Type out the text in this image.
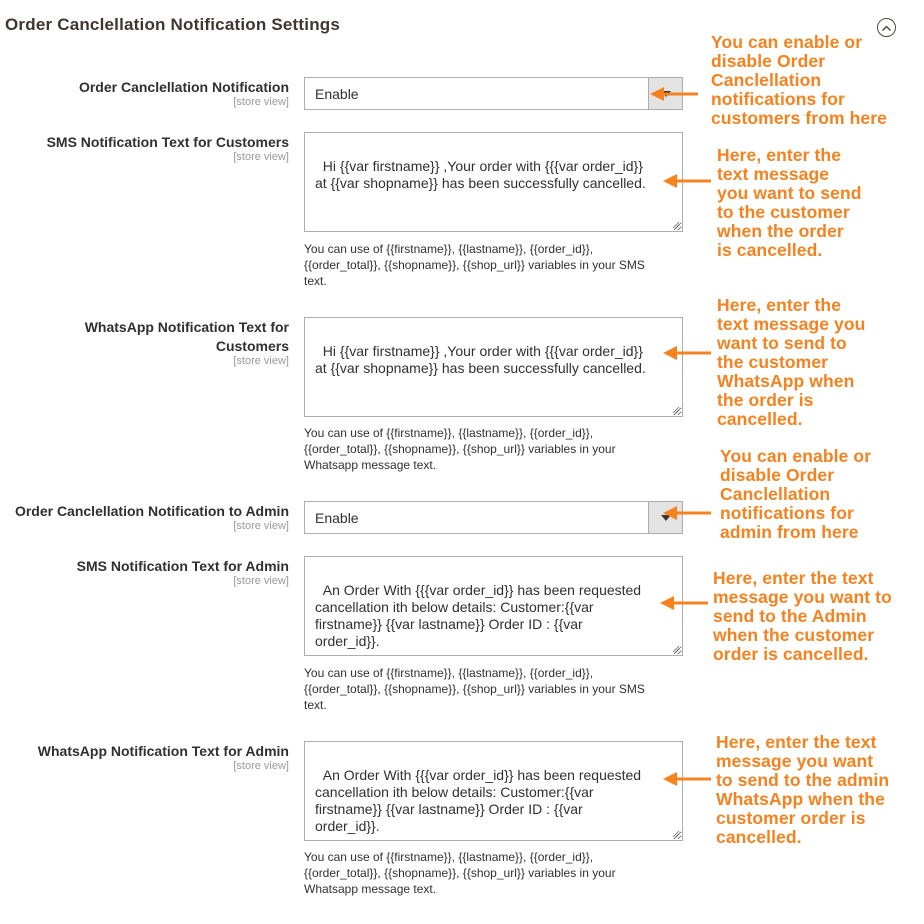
Order Canclellation Notification Settings
Order Canclellation Notification
[store view]	Enable
SMS Notification Text for Customers
[store view]

Hi {{var firstname}} ,Your order with {{{var order_id}}
at {{var shopname}} has been successfully cancelled.

You can use of {{firstname}}, {{lastname}}, {{order_id}},
{{order_total}}, {{shopname}}, {{shop_url}} variables in your SMS
text.
WhatsApp Notification Text for
Customers
[store view]

Hi {{var firstname}} ,Your order with {{{var order_id}}
at {{var shopname}} has been successfully cancelled.

You can use of {{firstname}}, {{lastname}}, {{order_id}},
{{order_total}}, {{shopname}}, {{shop_url}} variables in your
Whatsapp message text.
Order Canclellation Notification to Admin
[store view]	Enable
SMS Notification Text for Admin
[store view]

An Order With {{{var order_id}} has been requested
cancellation ith below details: Customer:{{var
firstname}} {{var lastname}} Order ID : {{var
order_id}}.

You can use of {{firstname}}, {{lastname}}, {{order_id}},
{{order_total}}, {{shopname}}, {{shop_url}} variables in your SMS
text.
WhatsApp Notification Text for Admin
[store view]

An Order With {{{var order_id}} has been requested
cancellation ith below details: Customer:{{var
firstname}} {{var lastname}} Order ID : {{var
order_id}}.

You can use of {{firstname}}, {{lastname}}, {{order_id}},
{{order_total}}, {{shopname}}, {{shop_url}} variables in your
Whatsapp message text.
You can enable or
disable Order
Canclellation
notifications for
customers from here
Here, enter the
text message
you want to send
to the customer
when the order
is cancelled.
Here, enter the
text message you
want to send to
the customer
WhatsApp when
the order is
cancelled.
You can enable or
disable Order
Canclellation
notifications for
admin from here
Here, enter the text
message you want to
send to the Admin
when the customer
order is cancelled.
Here, enter the text
message you want
to send to the admin
WhatsApp when the
customer order is
cancelled.
